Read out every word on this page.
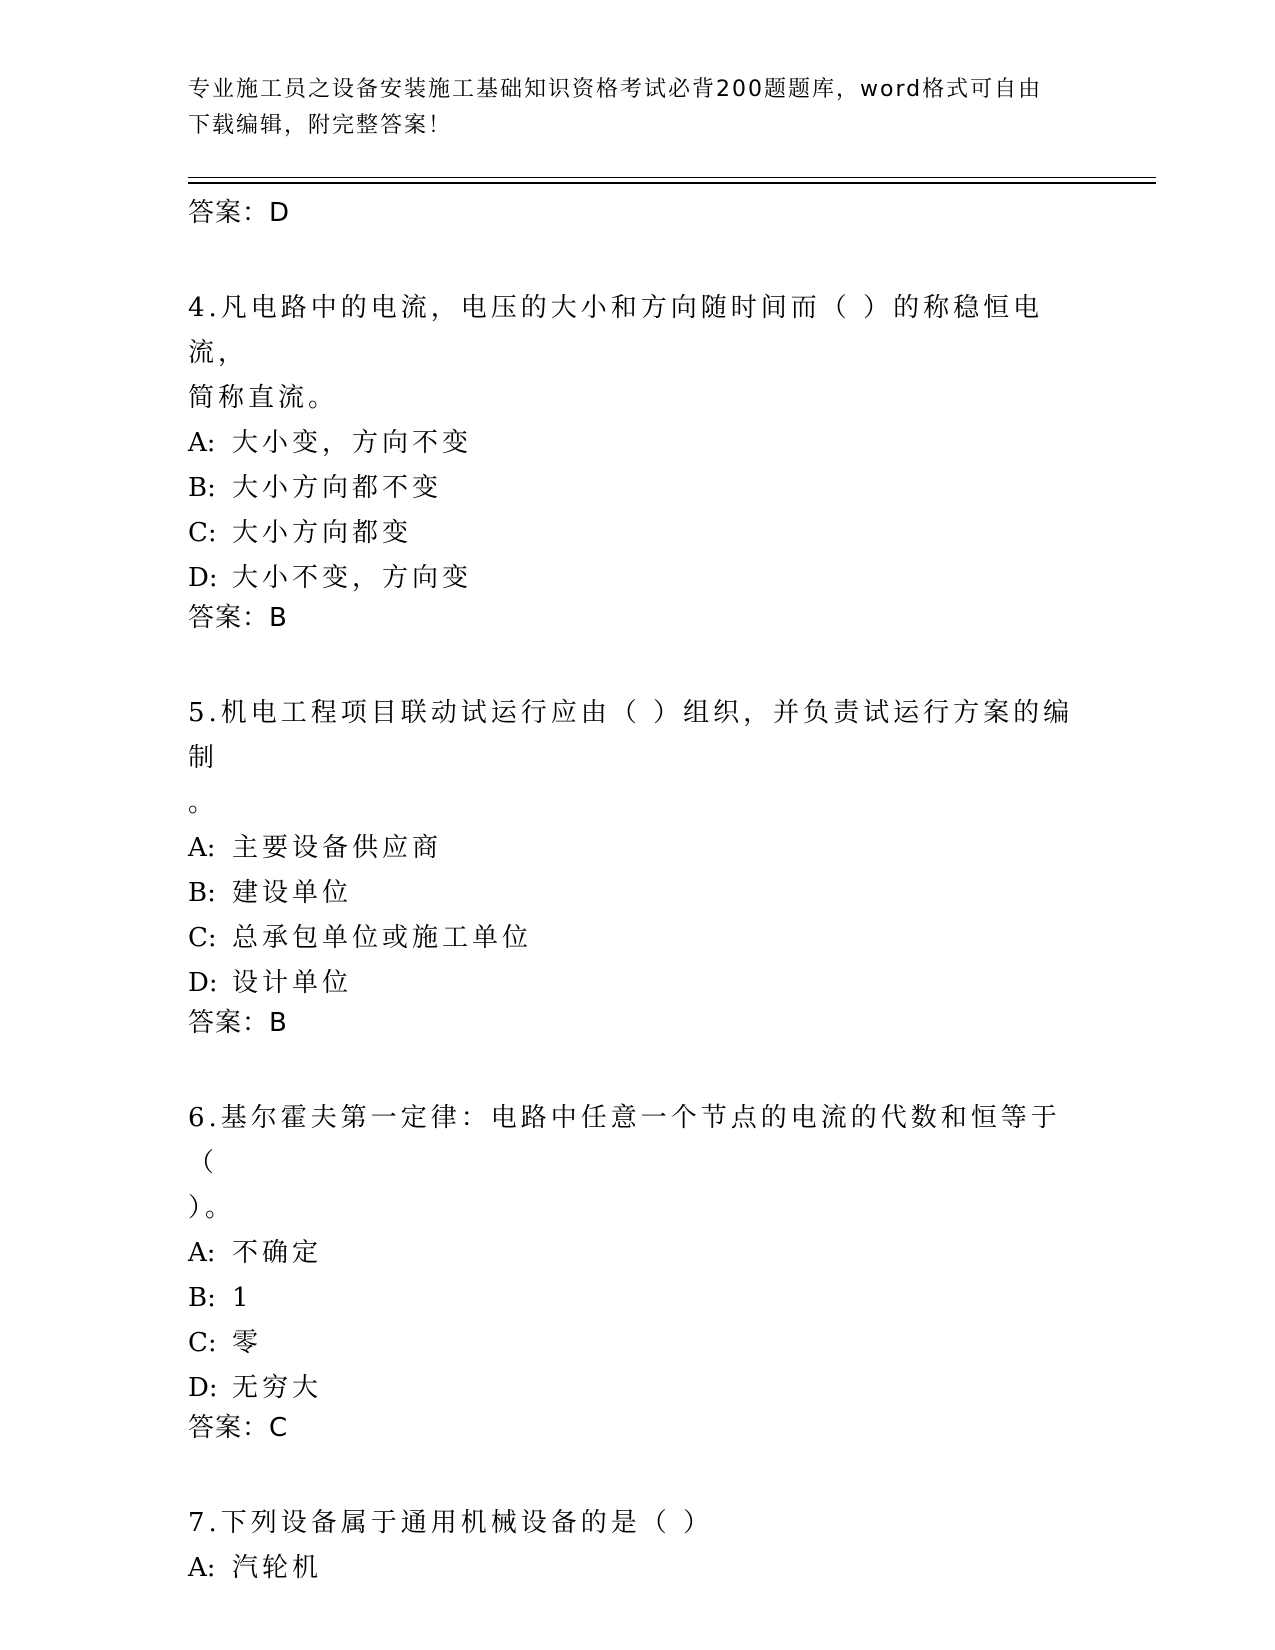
专业施工员之设备安装施工基础知识资格考试必背200题题库，word格式可自由
下载编辑，附完整答案！
答案：D
4.凡电路中的电流，电压的大小和方向随时间而（ ）的称稳恒电流，
简称直流。
A: 大小变，方向不变
B: 大小方向都不变
C: 大小方向都变
D: 大小不变，方向变
答案：B
5.机电工程项目联动试运行应由（ ）组织，并负责试运行方案的编制
。
A: 主要设备供应商
B: 建设单位
C: 总承包单位或施工单位
D: 设计单位
答案：B
6.基尔霍夫第一定律：电路中任意一个节点的电流的代数和恒等于（
）。
A: 不确定
B: 1
C: 零
D: 无穷大
答案：C
7.下列设备属于通用机械设备的是（ ）
A: 汽轮机
